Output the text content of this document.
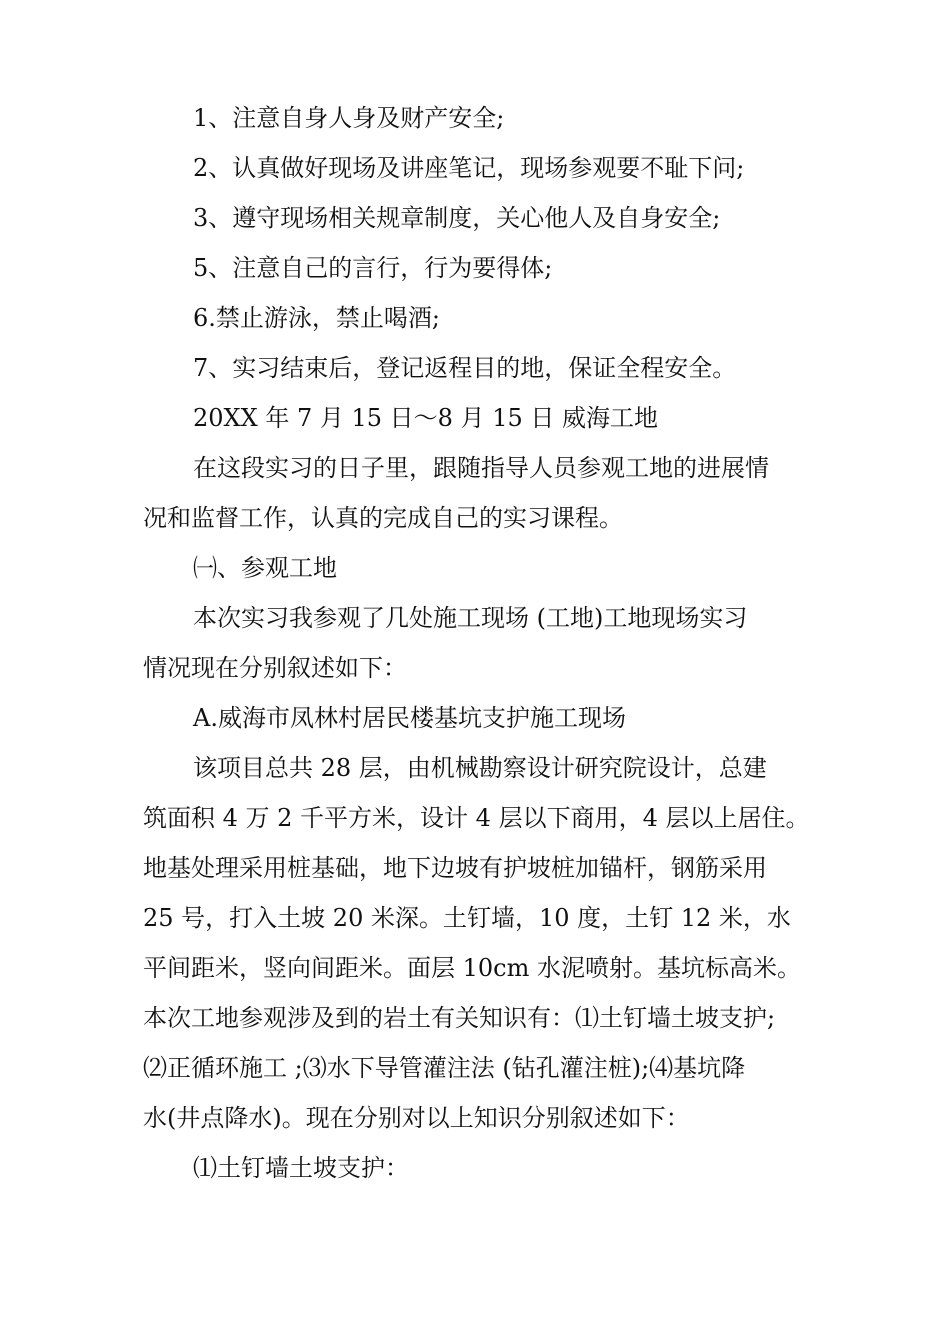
1、注意自身人身及财产安全;
2、认真做好现场及讲座笔记，现场参观要不耻下问;
3、遵守现场相关规章制度，关心他人及自身安全;
5、注意自己的言行，行为要得体;
6.禁止游泳，禁止喝酒;
7、实习结束后，登记返程目的地，保证全程安全。
20XX 年 7 月 15 日～8 月 15 日 威海工地
在这段实习的日子里，跟随指导人员参观工地的进展情
况和监督工作，认真的完成自己的实习课程。
㈠、参观工地
本次实习我参观了几处施工现场 (工地)工地现场实习
情况现在分别叙述如下：
A.威海市凤林村居民楼基坑支护施工现场
该项目总共 28 层，由机械勘察设计研究院设计，总建
筑面积 4 万 2 千平方米，设计 4 层以下商用，4 层以上居住。
地基处理采用桩基础，地下边坡有护坡桩加锚杆，钢筋采用
25 号，打入土坡 20 米深。土钉墙，10 度，土钉 12 米，水
平间距米，竖向间距米。面层 10cm 水泥喷射。基坑标高米。
本次工地参观涉及到的岩土有关知识有：⑴土钉墙土坡支护;
⑵正循环施工 ;⑶水下导管灌注法 (钻孔灌注桩);⑷基坑降
水(井点降水)。现在分别对以上知识分别叙述如下：
⑴土钉墙土坡支护：
